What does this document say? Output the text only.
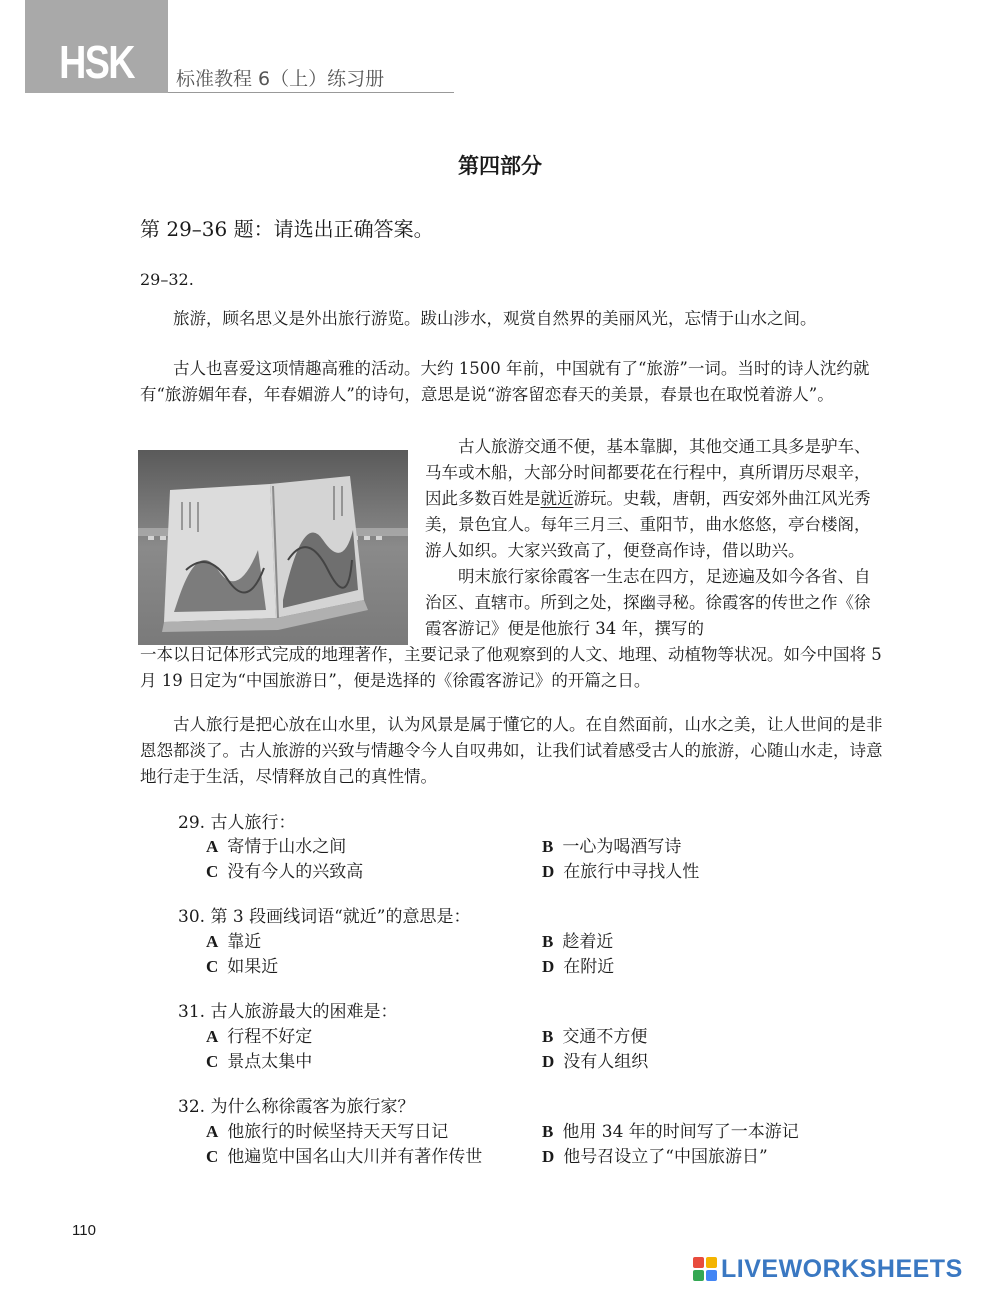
HSK	标准教程 6（上）练习册
第四部分
第 29–36 题：请选出正确答案。
29–32.

旅游，顾名思义是外出旅行游览。跋山涉水，观赏自然界的美丽风光，忘情于山水之间。

古人也喜爱这项情趣高雅的活动。大约 1500 年前，中国就有了“旅游”一词。当时的诗人沈约就有“旅游媚年春，年春媚游人”的诗句，意思是说“游客留恋春天的美景，春景也在取悦着游人”。

古人旅游交通不便，基本靠脚，其他交通工具多是驴车、马车或木船，大部分时间都要花在行程中，真所谓历尽艰辛，因此多数百姓是就近游玩。史载，唐朝，西安郊外曲江风光秀美，景色宜人。每年三月三、重阳节，曲水悠悠，亭台楼阁，游人如织。大家兴致高了，便登高作诗，借以助兴。

明末旅行家徐霞客一生志在四方，足迹遍及如今各省、自治区、直辖市。所到之处，探幽寻秘。徐霞客的传世之作《徐霞客游记》便是他旅行 34 年，撰写的

一本以日记体形式完成的地理著作，主要记录了他观察到的人文、地理、动植物等状况。如今中国将 5 月 19 日定为“中国旅游日”，便是选择的《徐霞客游记》的开篇之日。

古人旅行是把心放在山水里，认为风景是属于懂它的人。在自然面前，山水之美，让人世间的是非恩怨都淡了。古人旅游的兴致与情趣令今人自叹弗如，让我们试着感受古人的旅游，心随山水走，诗意地行走于生活，尽情释放自己的真性情。

29. 古人旅行：
A 寄情于山水之间	B 一心为喝酒写诗
C 没有今人的兴致高	D 在旅行中寻找人性
30. 第 3 段画线词语“就近”的意思是：
A 靠近	B 趁着近
C 如果近	D 在附近
31. 古人旅游最大的困难是：
A 行程不好定	B 交通不方便
C 景点太集中	D 没有人组织
32. 为什么称徐霞客为旅行家？
A 他旅行的时候坚持天天写日记	B 他用 34 年的时间写了一本游记
C 他遍览中国名山大川并有著作传世	D 他号召设立了“中国旅游日”
110
LIVEWORKSHEETS
